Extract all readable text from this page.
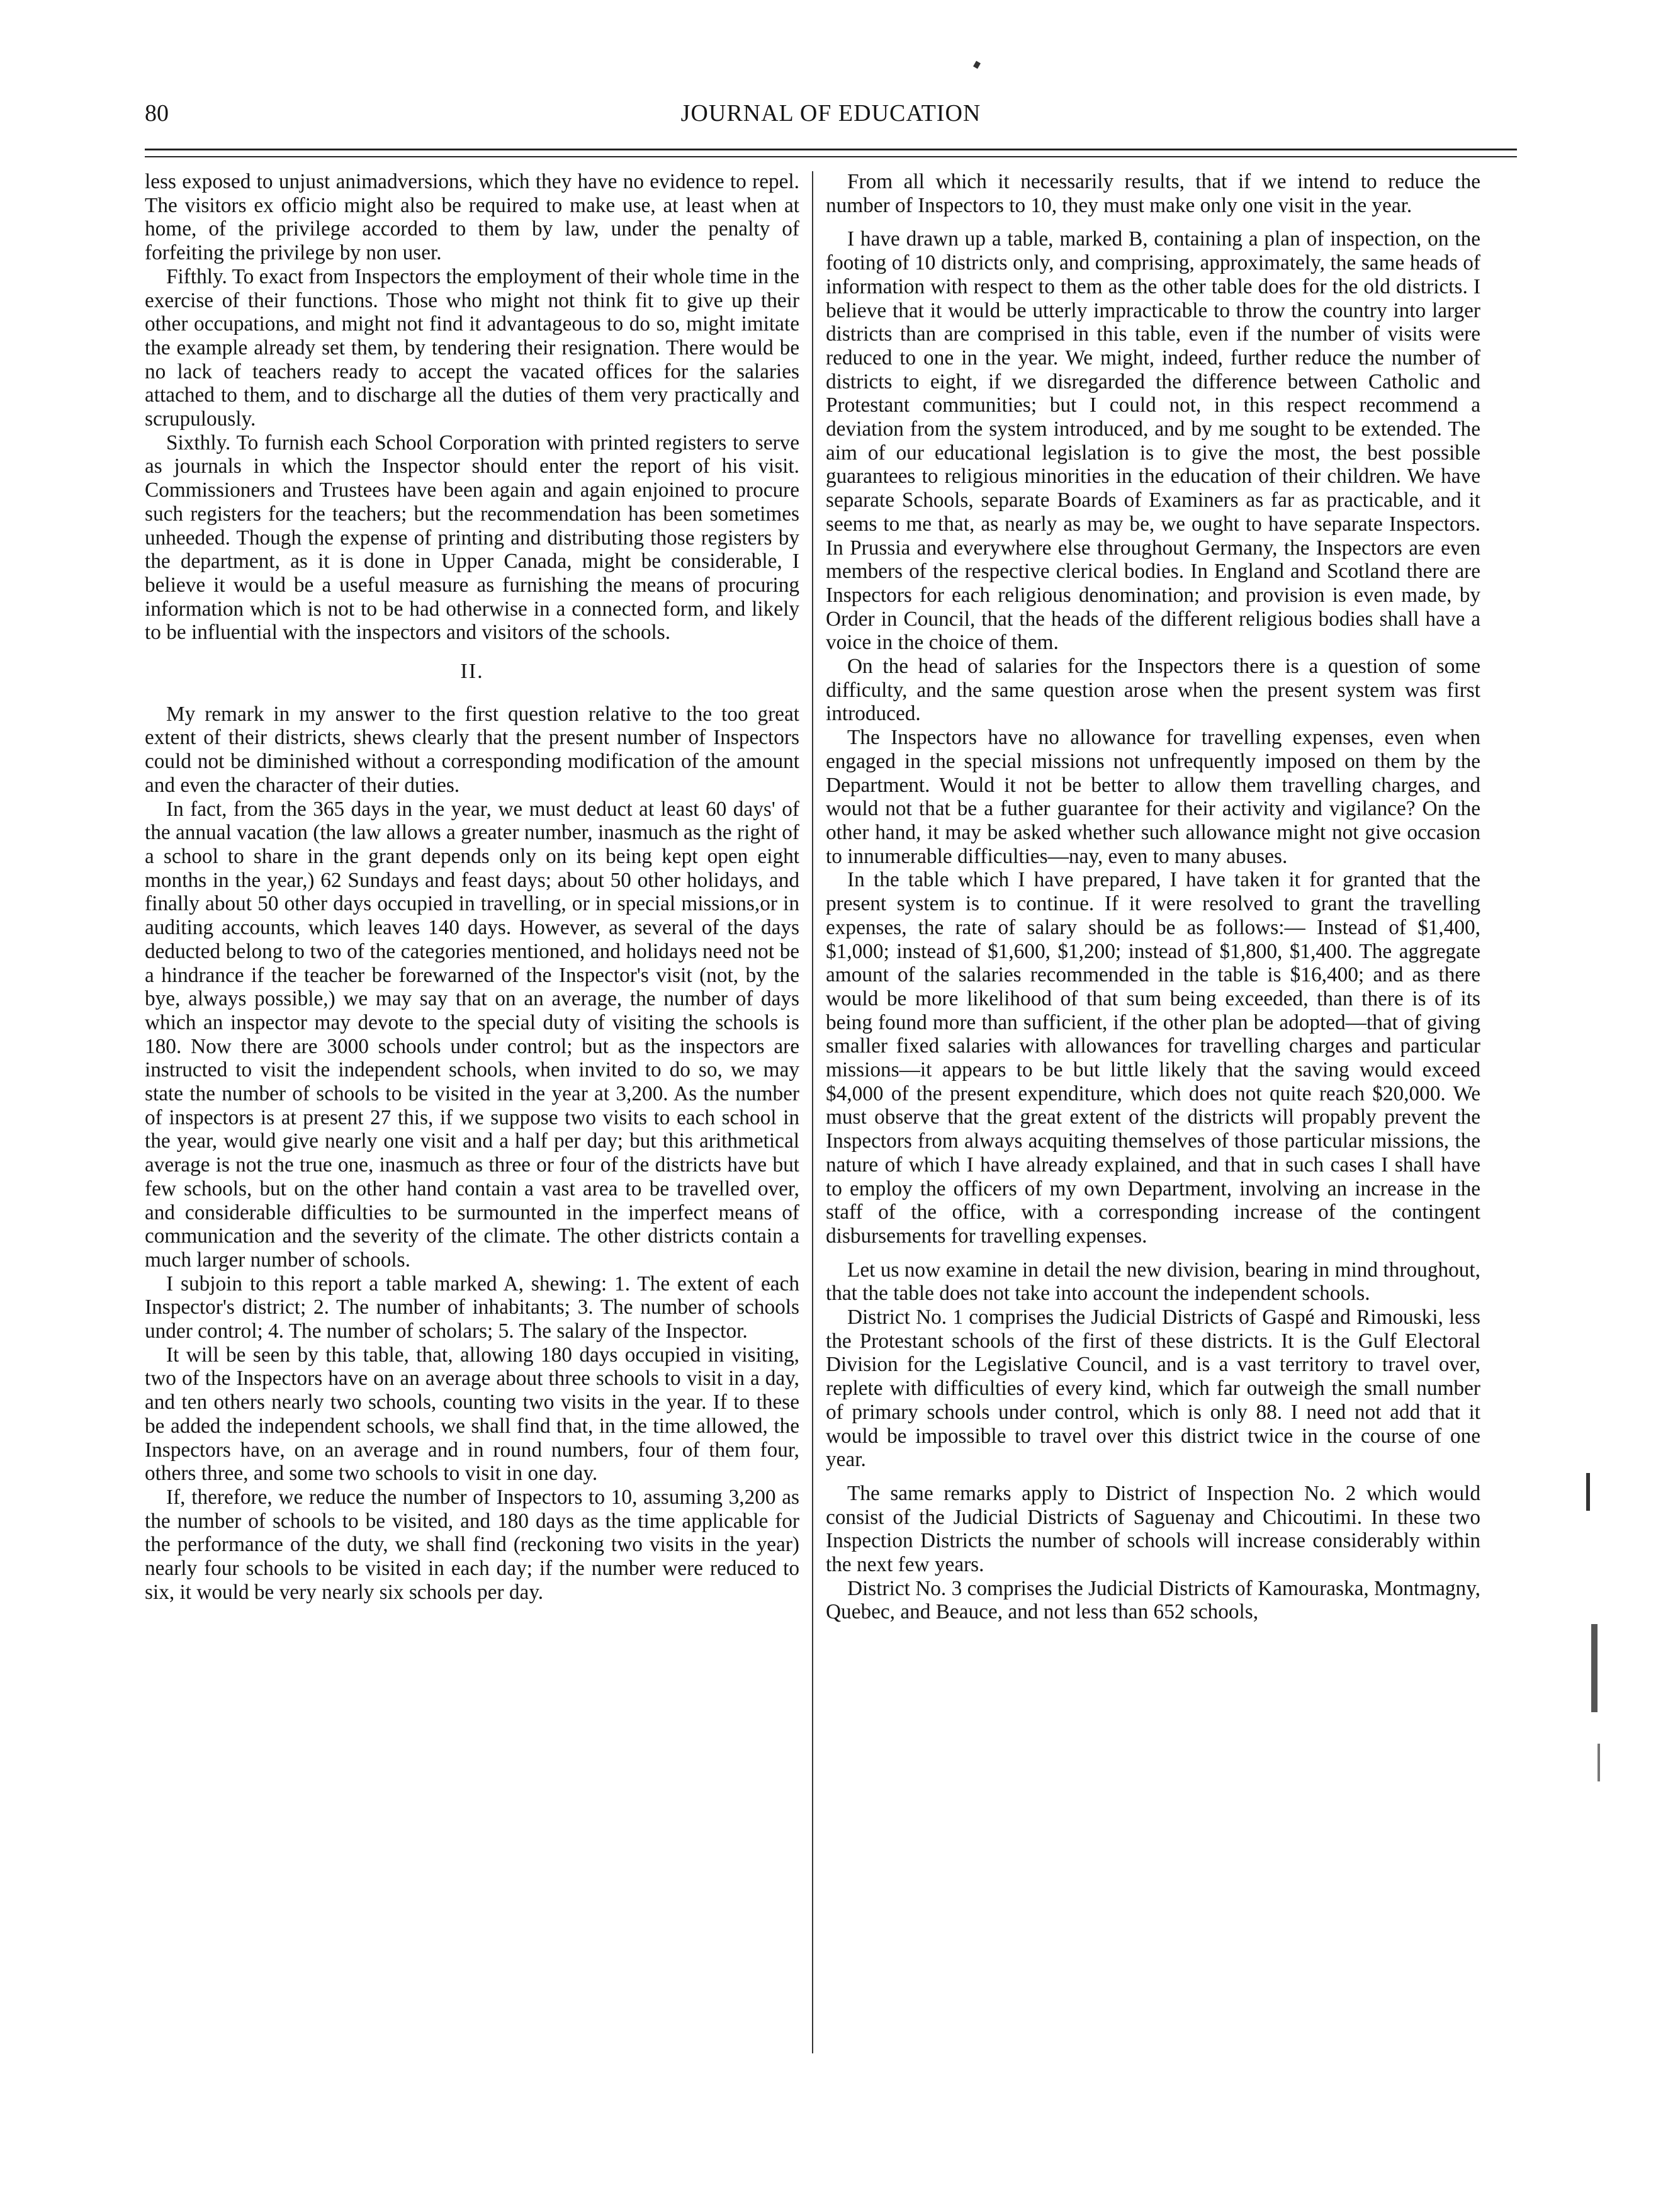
80	JOURNAL OF EDUCATION

less exposed to unjust animadversions, which they have no evidence to repel. The visitors ex officio might also be required to make use, at least when at home, of the privilege accorded to them by law, under the penalty of forfeiting the privilege by non user.

Fifthly. To exact from Inspectors the employment of their whole time in the exercise of their functions. Those who might not think fit to give up their other occupations, and might not find it advantageous to do so, might imitate the example already set them, by tendering their resignation. There would be no lack of teachers ready to accept the vacated offices for the salaries attached to them, and to discharge all the duties of them very practically and scrupulously.

Sixthly. To furnish each School Corporation with printed registers to serve as journals in which the Inspector should enter the report of his visit. Commissioners and Trustees have been again and again enjoined to procure such registers for the teachers; but the recommendation has been sometimes unheeded. Though the expense of printing and distributing those registers by the department, as it is done in Upper Canada, might be considerable, I believe it would be a useful measure as furnishing the means of procuring information which is not to be had otherwise in a connected form, and likely to be influential with the inspectors and visitors of the schools.

II.

My remark in my answer to the first question relative to the too great extent of their districts, shews clearly that the present number of Inspectors could not be diminished without a corresponding modification of the amount and even the character of their duties.

In fact, from the 365 days in the year, we must deduct at least 60 days' of the annual vacation (the law allows a greater number, inasmuch as the right of a school to share in the grant depends only on its being kept open eight months in the year,) 62 Sundays and feast days; about 50 other holidays, and finally about 50 other days occupied in travelling, or in special missions,or in auditing accounts, which leaves 140 days. However, as several of the days deducted belong to two of the categories mentioned, and holidays need not be a hindrance if the teacher be forewarned of the Inspector's visit (not, by the bye, always possible,) we may say that on an average, the number of days which an inspector may devote to the special duty of visiting the schools is 180. Now there are 3000 schools under control; but as the inspectors are instructed to visit the independent schools, when invited to do so, we may state the number of schools to be visited in the year at 3,200. As the number of inspectors is at present 27 this, if we suppose two visits to each school in the year, would give nearly one visit and a half per day; but this arithmetical average is not the true one, inasmuch as three or four of the districts have but few schools, but on the other hand contain a vast area to be travelled over, and considerable difficulties to be surmounted in the imperfect means of communication and the severity of the climate. The other districts contain a much larger number of schools.

I subjoin to this report a table marked A, shewing: 1. The extent of each Inspector's district; 2. The number of inhabitants; 3. The number of schools under control; 4. The number of scholars; 5. The salary of the Inspector.

It will be seen by this table, that, allowing 180 days occupied in visiting, two of the Inspectors have on an average about three schools to visit in a day, and ten others nearly two schools, counting two visits in the year. If to these be added the independent schools, we shall find that, in the time allowed, the Inspectors have, on an average and in round numbers, four of them four, others three, and some two schools to visit in one day.

If, therefore, we reduce the number of Inspectors to 10, assuming 3,200 as the number of schools to be visited, and 180 days as the time applicable for the performance of the duty, we shall find (reckoning two visits in the year) nearly four schools to be visited in each day; if the number were reduced to six, it would be very nearly six schools per day.

From all which it necessarily results, that if we intend to reduce the number of Inspectors to 10, they must make only one visit in the year.

I have drawn up a table, marked B, containing a plan of inspection, on the footing of 10 districts only, and comprising, approximately, the same heads of information with respect to them as the other table does for the old districts. I believe that it would be utterly impracticable to throw the country into larger districts than are comprised in this table, even if the number of visits were reduced to one in the year. We might, indeed, further reduce the number of districts to eight, if we disregarded the difference between Catholic and Protestant communities; but I could not, in this respect recommend a deviation from the system introduced, and by me sought to be extended. The aim of our educational legislation is to give the most, the best possible guarantees to religious minorities in the education of their children. We have separate Schools, separate Boards of Examiners as far as practicable, and it seems to me that, as nearly as may be, we ought to have separate Inspectors. In Prussia and everywhere else throughout Germany, the Inspectors are even members of the respective clerical bodies. In England and Scotland there are Inspectors for each religious denomination; and provision is even made, by Order in Council, that the heads of the different religious bodies shall have a voice in the choice of them.

On the head of salaries for the Inspectors there is a question of some difficulty, and the same question arose when the present system was first introduced.

The Inspectors have no allowance for travelling expenses, even when engaged in the special missions not unfrequently imposed on them by the Department. Would it not be better to allow them travelling charges, and would not that be a futher guarantee for their activity and vigilance? On the other hand, it may be asked whether such allowance might not give occasion to innumerable difficulties—nay, even to many abuses.

In the table which I have prepared, I have taken it for granted that the present system is to continue. If it were resolved to grant the travelling expenses, the rate of salary should be as follows:— Instead of $1,400, $1,000; instead of $1,600, $1,200; instead of $1,800, $1,400. The aggregate amount of the salaries recommended in the table is $16,400; and as there would be more likelihood of that sum being exceeded, than there is of its being found more than sufficient, if the other plan be adopted—that of giving smaller fixed salaries with allowances for travelling charges and particular missions—it appears to be but little likely that the saving would exceed $4,000 of the present expenditure, which does not quite reach $20,000. We must observe that the great extent of the districts will propably prevent the Inspectors from always acquiting themselves of those particular missions, the nature of which I have already explained, and that in such cases I shall have to employ the officers of my own Department, involving an increase in the staff of the office, with a corresponding increase of the contingent disbursements for travelling expenses.

Let us now examine in detail the new division, bearing in mind throughout, that the table does not take into account the independent schools.

District No. 1 comprises the Judicial Districts of Gaspé and Rimouski, less the Protestant schools of the first of these districts. It is the Gulf Electoral Division for the Legislative Council, and is a vast territory to travel over, replete with difficulties of every kind, which far outweigh the small number of primary schools under control, which is only 88. I need not add that it would be impossible to travel over this district twice in the course of one year.

The same remarks apply to District of Inspection No. 2 which would consist of the Judicial Districts of Saguenay and Chicoutimi. In these two Inspection Districts the number of schools will increase considerably within the next few years.

District No. 3 comprises the Judicial Districts of Kamouraska, Montmagny, Quebec, and Beauce, and not less than 652 schools,
